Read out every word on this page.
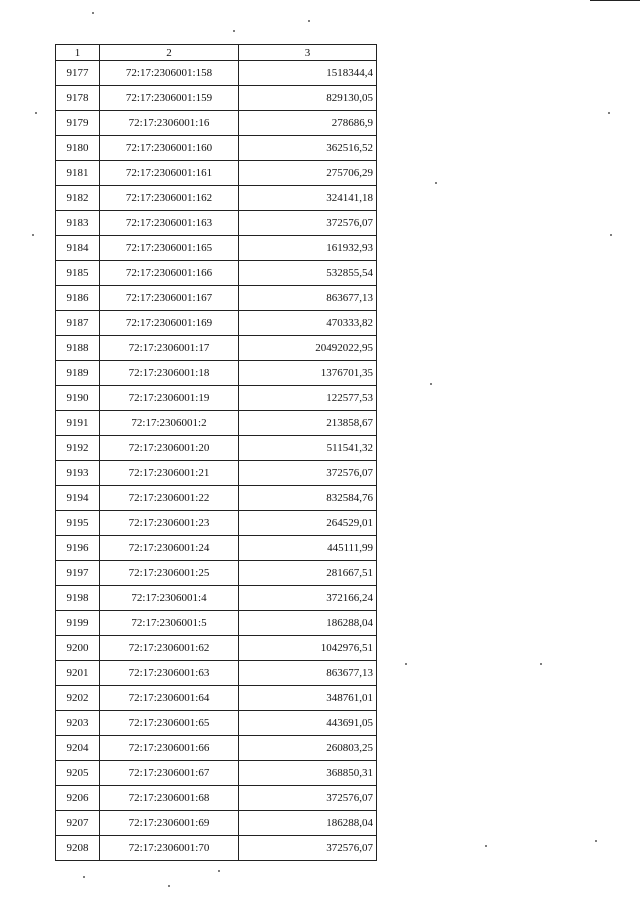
1	2	3
9177	72:17:2306001:158	1518344,4
9178	72:17:2306001:159	829130,05
9179	72:17:2306001:16	278686,9
9180	72:17:2306001:160	362516,52
9181	72:17:2306001:161	275706,29
9182	72:17:2306001:162	324141,18
9183	72:17:2306001:163	372576,07
9184	72:17:2306001:165	161932,93
9185	72:17:2306001:166	532855,54
9186	72:17:2306001:167	863677,13
9187	72:17:2306001:169	470333,82
9188	72:17:2306001:17	20492022,95
9189	72:17:2306001:18	1376701,35
9190	72:17:2306001:19	122577,53
9191	72:17:2306001:2	213858,67
9192	72:17:2306001:20	511541,32
9193	72:17:2306001:21	372576,07
9194	72:17:2306001:22	832584,76
9195	72:17:2306001:23	264529,01
9196	72:17:2306001:24	445111,99
9197	72:17:2306001:25	281667,51
9198	72:17:2306001:4	372166,24
9199	72:17:2306001:5	186288,04
9200	72:17:2306001:62	1042976,51
9201	72:17:2306001:63	863677,13
9202	72:17:2306001:64	348761,01
9203	72:17:2306001:65	443691,05
9204	72:17:2306001:66	260803,25
9205	72:17:2306001:67	368850,31
9206	72:17:2306001:68	372576,07
9207	72:17:2306001:69	186288,04
9208	72:17:2306001:70	372576,07
